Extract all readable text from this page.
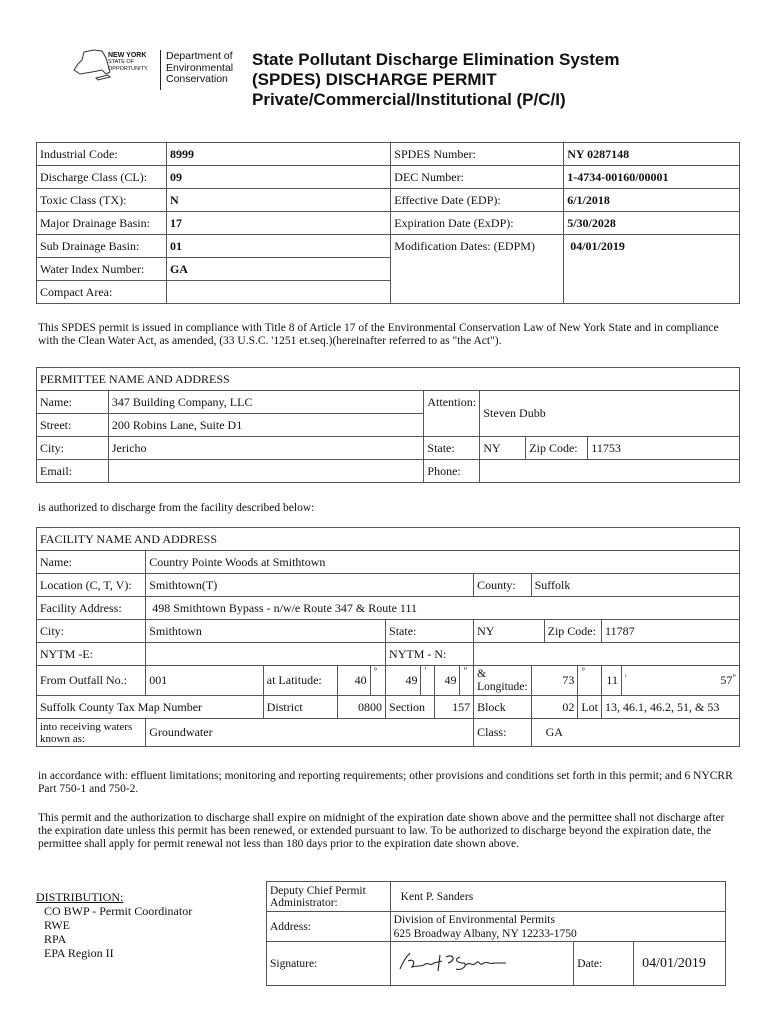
NEW YORK
STATE OF
OPPORTUNITY.
Department of
Environmental
Conservation
State Pollutant Discharge Elimination System
(SPDES) DISCHARGE PERMIT
Private/Commercial/Institutional (P/C/I)
Industrial Code:	8999	SPDES Number:	NY 0287148
Discharge Class (CL):	09	DEC Number:	1-4734-00160/00001
Toxic Class (TX):	N	Effective Date (EDP):	6/1/2018
Major Drainage Basin:	17	Expiration Date (ExDP):	5/30/2028
Sub Drainage Basin:	01	Modification Dates: (EDPM)	04/01/2019
Water Index Number:	GA		
Compact Area:			
This SPDES permit is issued in compliance with Title 8 of Article 17 of the Environmental Conservation Law of New York State and in compliance with the Clean Water Act, as amended, (33 U.S.C. '1251 et.seq.)(hereinafter referred to as "the Act").
PERMITTEE NAME AND ADDRESS					
Name:	347 Building Company, LLC	Attention:	Steven Dubb		
Street:	200 Robins Lane, Suite D1				
City:	Jericho	State:	NY	Zip Code:	11753
Email:		Phone:			
is authorized to discharge from the facility described below:
FACILITY NAME AND ADDRESS														
Name:	Country Pointe Woods at Smithtown													
Location (C, T, V):	Smithtown(T)								County:	Suffolk				
Facility Address:	498 Smithtown Bypass - n/w/e Route 347 & Route 111													
City:	Smithtown				State:				NY		Zip Code:		11787	
NYTM -E:					NYTM - N:									
From Outfall No.:	001	at Latitude:	40	°	49	'	49	"	& Longitude:	73		°	11	' 57"
Suffolk County Tax Map Number		District	0800		Section		157		Block	02		Lot	13, 46.1, 46.2, 51, & 53	
into receiving waters known as:	Groundwater								Class:	GA				
in accordance with: effluent limitations; monitoring and reporting requirements; other provisions and conditions set forth in this permit; and 6 NYCRR Part 750-1 and 750-2.
This permit and the authorization to discharge shall expire on midnight of the expiration date shown above and the permittee shall not discharge after the expiration date unless this permit has been renewed, or extended pursuant to law. To be authorized to discharge beyond the expiration date, the permittee shall apply for permit renewal not less than 180 days prior to the expiration date shown above.
DISTRIBUTION:
CO BWP - Permit Coordinator
RWE
RPA
EPA Region II
Deputy Chief Permit Administrator:	Kent P. Sanders		
Address:	Division of Environmental Permits
625 Broadway Albany, NY 12233-1750		

Signature:		Date:	04/01/2019
